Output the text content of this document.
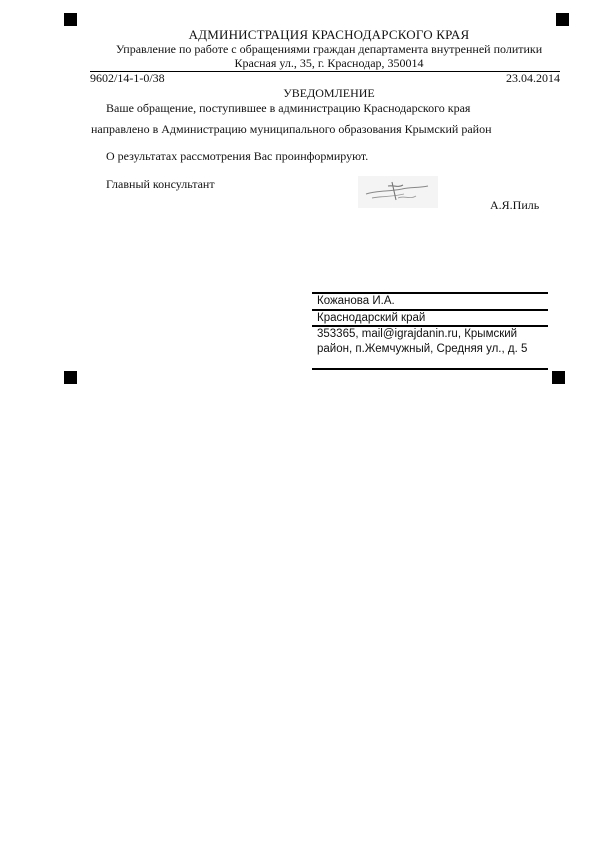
АДМИНИСТРАЦИЯ КРАСНОДАРСКОГО КРАЯ
Управление по работе с обращениями граждан департамента внутренней политики
Красная ул., 35, г. Краснодар, 350014
9602/14-1-0/38	23.04.2014
УВЕДОМЛЕНИЕ
Ваше обращение, поступившее в администрацию Краснодарского края
направлено в Администрацию муниципального образования Крымский район
О результатах рассмотрения Вас проинформируют.
Главный консультант
А.Я.Пиль
Кожанова И.А.
Краснодарский край
353365, mail@igrajdanin.ru, Крымский
район, п.Жемчужный, Средняя ул., д. 5
